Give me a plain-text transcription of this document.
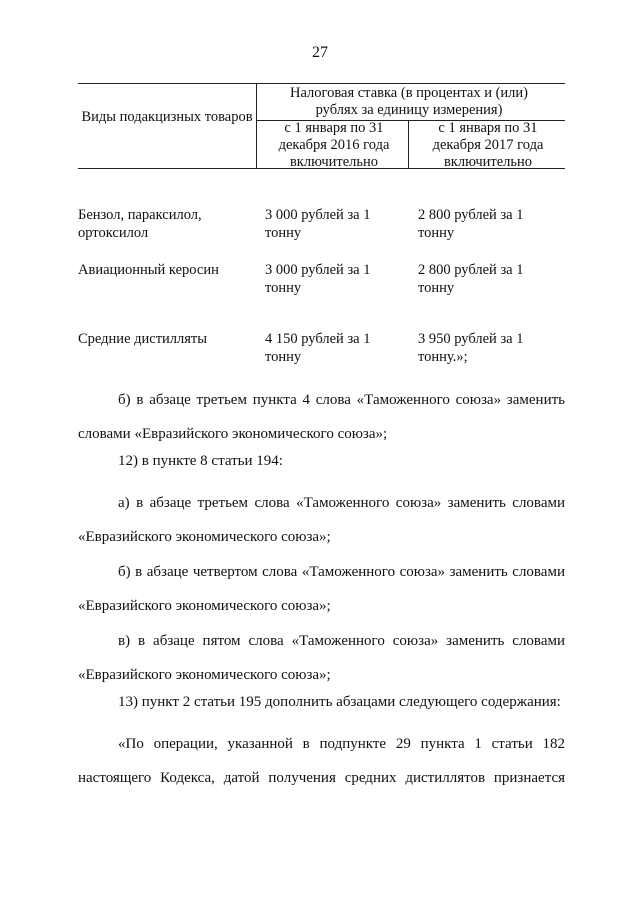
27
Виды подакцизных товаров
Налоговая ставка (в процентах и (или) рублях за единицу измерения)
с 1 января по 31 декабря 2016 года включительно
с 1 января по 31 декабря 2017 года включительно
Бензол, параксилол, ортоксилол
3 000 рублей за 1 тонну
2 800 рублей за 1 тонну
Авиационный керосин	3 000 рублей за 1 тонну
2 800 рублей за 1 тонну
Средние дистилляты	4 150 рублей за 1 тонну
3 950 рублей за 1 тонну.»;
б) в абзаце третьем пункта 4 слова «Таможенного союза» заменить словами «Евразийского экономического союза»;
12) в пункте 8 статьи 194:
а) в абзаце третьем слова «Таможенного союза» заменить словами «Евразийского экономического союза»;
б) в абзаце четвертом слова «Таможенного союза» заменить словами «Евразийского экономического союза»;
в) в абзаце пятом слова «Таможенного союза» заменить словами «Евразийского экономического союза»;
13) пункт 2 статьи 195 дополнить абзацами следующего содержания:
«По операции, указанной в подпункте 29 пункта 1 статьи 182 настоящего Кодекса, датой получения средних дистиллятов признается
